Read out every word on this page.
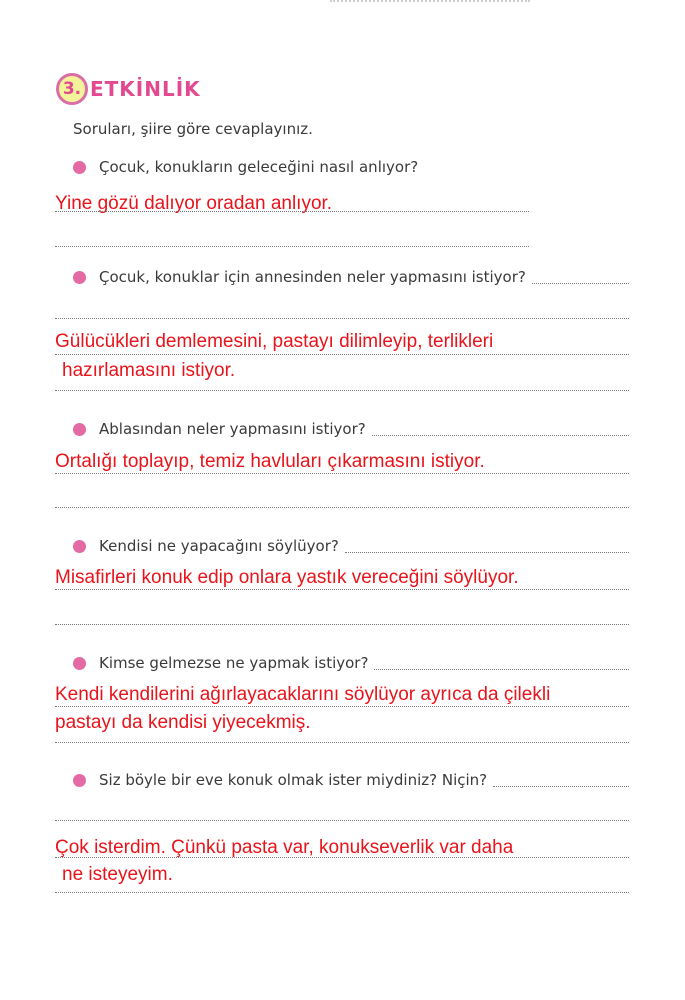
3. ETKİNLİK
Soruları, şiire göre cevaplayınız.
Çocuk, konukların geleceğini nasıl anlıyor?
Yine gözü dalıyor oradan anlıyor.
Çocuk, konuklar için annesinden neler yapmasını istiyor?
Gülücükleri demlemesini, pastayı dilimleyip, terlikleri
hazırlamasını istiyor.
Ablasından neler yapmasını istiyor?
Ortalığı toplayıp, temiz havluları çıkarmasını istiyor.
Kendisi ne yapacağını söylüyor?
Misafirleri konuk edip onlara yastık vereceğini söylüyor.
Kimse gelmezse ne yapmak istiyor?
Kendi kendilerini ağırlayacaklarını söylüyor ayrıca da çilekli
pastayı da kendisi yiyecekmiş.
Siz böyle bir eve konuk olmak ister miydiniz? Niçin?
Çok isterdim. Çünkü pasta var, konukseverlik var daha
ne isteyeyim.
